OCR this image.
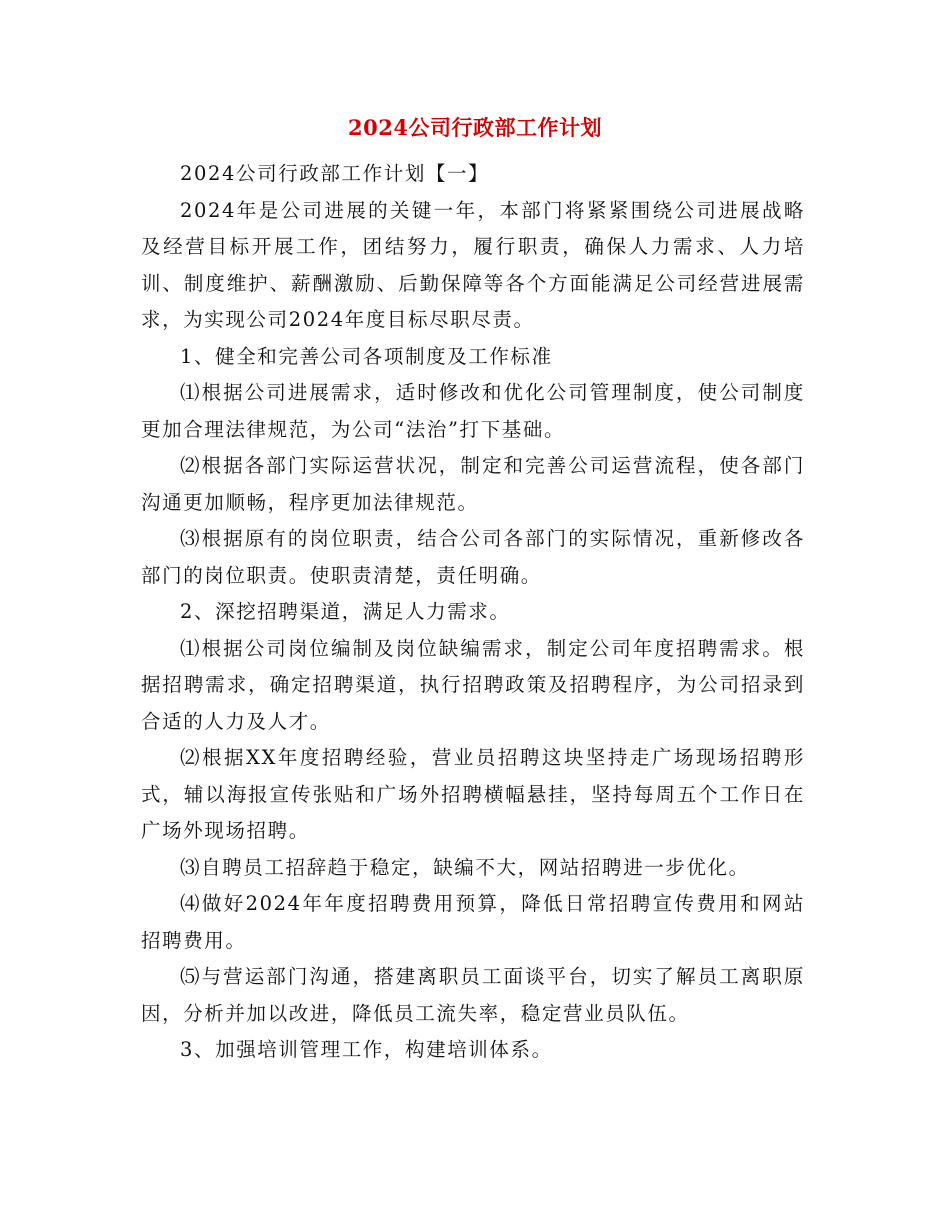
2024公司行政部工作计划

2024公司行政部工作计划【一】

2024年是公司进展的关键一年，本部门将紧紧围绕公司进展战略及经营目标开展工作，团结努力，履行职责，确保人力需求、人力培训、制度维护、薪酬激励、后勤保障等各个方面能满足公司经营进展需求，为实现公司2024年度目标尽职尽责。

1、健全和完善公司各项制度及工作标准

⑴根据公司进展需求，适时修改和优化公司管理制度，使公司制度更加合理法律规范，为公司“法治”打下基础。

⑵根据各部门实际运营状况，制定和完善公司运营流程，使各部门沟通更加顺畅，程序更加法律规范。

⑶根据原有的岗位职责，结合公司各部门的实际情况，重新修改各部门的岗位职责。使职责清楚，责任明确。

2、深挖招聘渠道，满足人力需求。

⑴根据公司岗位编制及岗位缺编需求，制定公司年度招聘需求。根据招聘需求，确定招聘渠道，执行招聘政策及招聘程序，为公司招录到合适的人力及人才。

⑵根据XX年度招聘经验，营业员招聘这块坚持走广场现场招聘形式，辅以海报宣传张贴和广场外招聘横幅悬挂，坚持每周五个工作日在广场外现场招聘。

⑶自聘员工招辞趋于稳定，缺编不大，网站招聘进一步优化。

⑷做好2024年年度招聘费用预算，降低日常招聘宣传费用和网站招聘费用。

⑸与营运部门沟通，搭建离职员工面谈平台，切实了解员工离职原因，分析并加以改进，降低员工流失率，稳定营业员队伍。

3、加强培训管理工作，构建培训体系。
